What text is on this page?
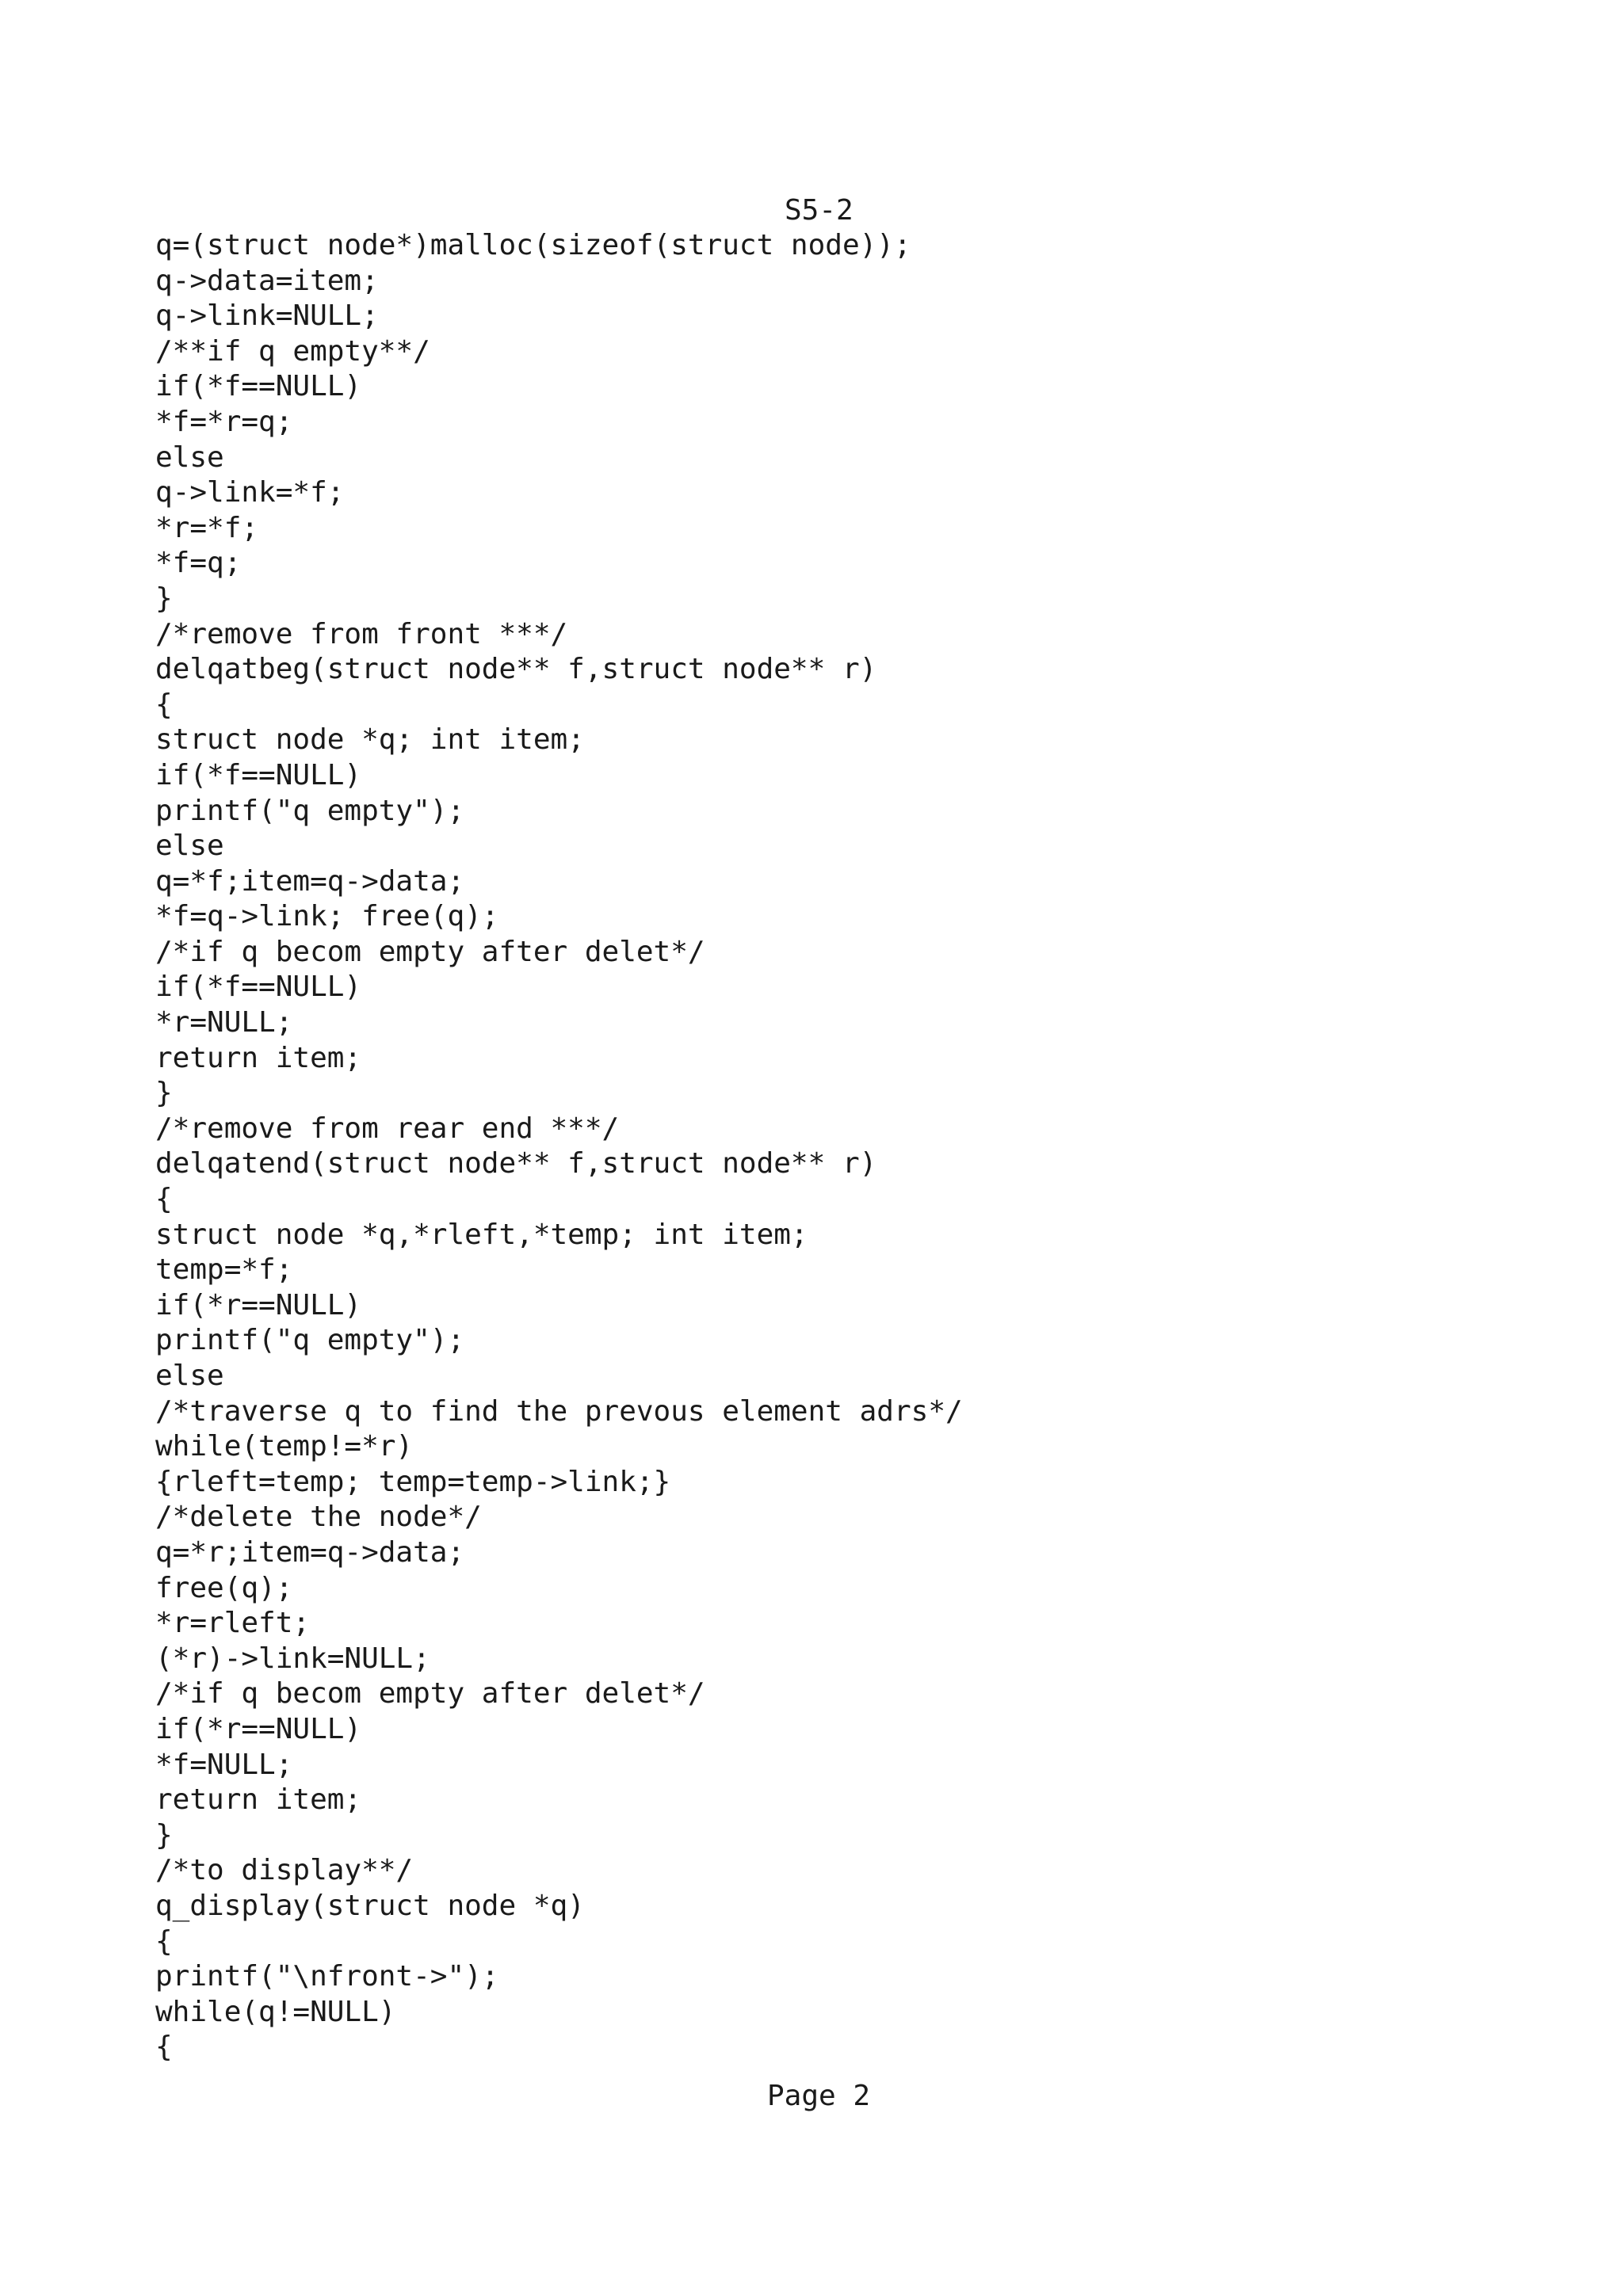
S5-2
q=(struct node*)malloc(sizeof(struct node));
q->data=item;
q->link=NULL;
/**if q empty**/
if(*f==NULL)
*f=*r=q;
else
q->link=*f;
*r=*f;
*f=q;
}
/*remove from front ***/
delqatbeg(struct node** f,struct node** r)
{
struct node *q; int item;
if(*f==NULL)
printf("q empty");
else
q=*f;item=q->data;
*f=q->link; free(q);
/*if q becom empty after delet*/
if(*f==NULL)
*r=NULL;
return item;
}
/*remove from rear end ***/
delqatend(struct node** f,struct node** r)
{
struct node *q,*rleft,*temp; int item;
temp=*f;
if(*r==NULL)
printf("q empty");
else
/*traverse q to find the prevous element adrs*/
while(temp!=*r)
{rleft=temp; temp=temp->link;}
/*delete the node*/
q=*r;item=q->data;
free(q);
*r=rleft;
(*r)->link=NULL;
/*if q becom empty after delet*/
if(*r==NULL)
*f=NULL;
return item;
}
/*to display**/
q_display(struct node *q)
{
printf("\nfront->");
while(q!=NULL)
{
Page 2
